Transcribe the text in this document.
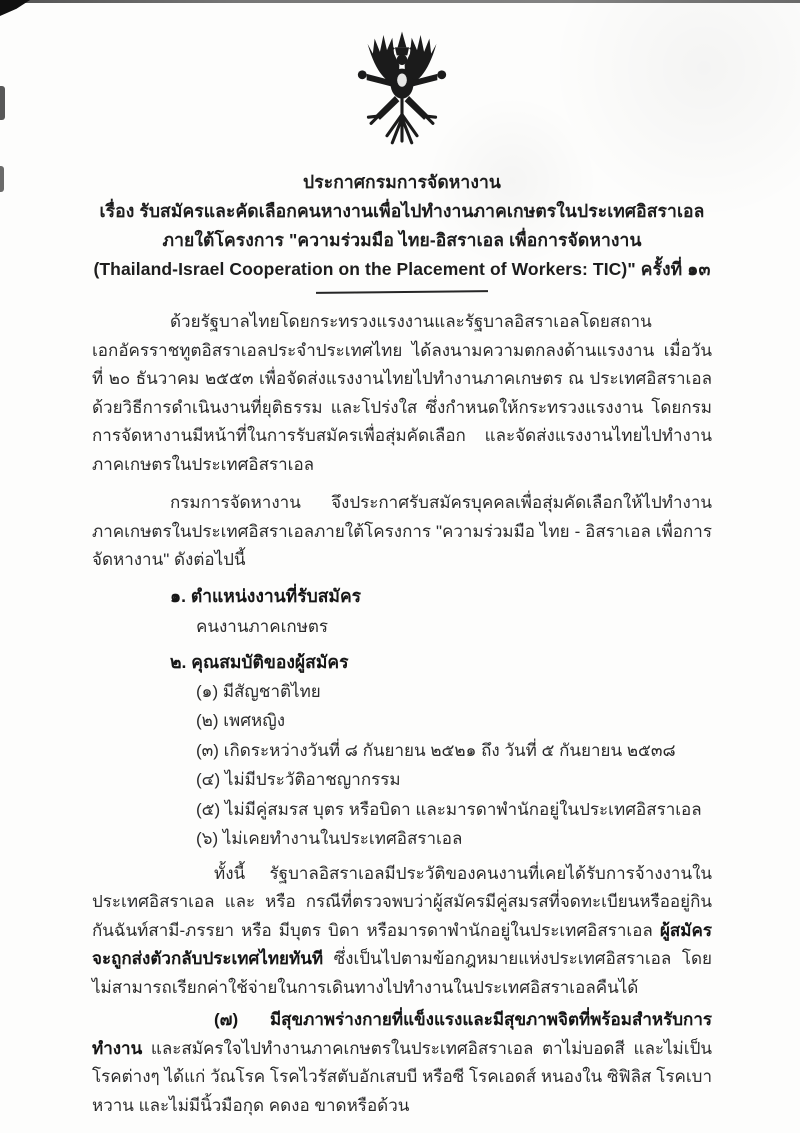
ประกาศกรมการจัดหางาน
เรื่อง รับสมัครและคัดเลือกคนหางานเพื่อไปทำงานภาคเกษตรในประเทศอิสราเอล
ภายใต้โครงการ "ความร่วมมือ ไทย-อิสราเอล เพื่อการจัดหางาน
(Thailand-Israel Cooperation on the Placement of Workers: TIC)" ครั้งที่ ๑๓

ด้วยรัฐบาลไทยโดยกระทรวงแรงงานและรัฐบาลอิสราเอลโดยสถานเอกอัครราชทูตอิสราเอลประจำประเทศไทย ได้ลงนามความตกลงด้านแรงงาน เมื่อวันที่ ๒๐ ธันวาคม ๒๕๕๓ เพื่อจัดส่งแรงงานไทยไปทำงานภาคเกษตร ณ ประเทศอิสราเอล ด้วยวิธีการดำเนินงานที่ยุติธรรม และโปร่งใส ซึ่งกำหนดให้กระทรวงแรงงาน โดยกรมการจัดหางานมีหน้าที่ในการรับสมัครเพื่อสุ่มคัดเลือก และจัดส่งแรงงานไทยไปทำงานภาคเกษตรในประเทศอิสราเอล

กรมการจัดหางาน จึงประกาศรับสมัครบุคคลเพื่อสุ่มคัดเลือกให้ไปทำงานภาคเกษตรในประเทศอิสราเอลภายใต้โครงการ "ความร่วมมือ ไทย - อิสราเอล เพื่อการจัดหางาน" ดังต่อไปนี้

๑. ตำแหน่งงานที่รับสมัคร
คนงานภาคเกษตร
๒. คุณสมบัติของผู้สมัคร
(๑) มีสัญชาติไทย
(๒) เพศหญิง
(๓) เกิดระหว่างวันที่ ๘ กันยายน ๒๕๒๑ ถึง วันที่ ๕ กันยายน ๒๕๓๘
(๔) ไม่มีประวัติอาชญากรรม
(๕) ไม่มีคู่สมรส บุตร หรือบิดา และมารดาพำนักอยู่ในประเทศอิสราเอล
(๖) ไม่เคยทำงานในประเทศอิสราเอล

ทั้งนี้ รัฐบาลอิสราเอลมีประวัติของคนงานที่เคยได้รับการจ้างงานในประเทศอิสราเอล และ หรือ กรณีที่ตรวจพบว่าผู้สมัครมีคู่สมรสที่จดทะเบียนหรืออยู่กินกันฉันท์สามี-ภรรยา หรือ มีบุตร บิดา หรือมารดาพำนักอยู่ในประเทศอิสราเอล ผู้สมัครจะถูกส่งตัวกลับประเทศไทยทันที ซึ่งเป็นไปตามข้อกฎหมายแห่งประเทศอิสราเอล โดยไม่สามารถเรียกค่าใช้จ่ายในการเดินทางไปทำงานในประเทศอิสราเอลคืนได้

(๗) มีสุขภาพร่างกายที่แข็งแรงและมีสุขภาพจิตที่พร้อมสำหรับการทำงาน และสมัครใจไปทำงานภาคเกษตรในประเทศอิสราเอล ตาไม่บอดสี และไม่เป็นโรคต่างๆ ได้แก่ วัณโรค โรคไวรัสตับอักเสบบี หรือซี โรคเอดส์ หนองใน ซิฟิลิส โรคเบาหวาน และไม่มีนิ้วมือกุด คดงอ ขาดหรือด้วน
